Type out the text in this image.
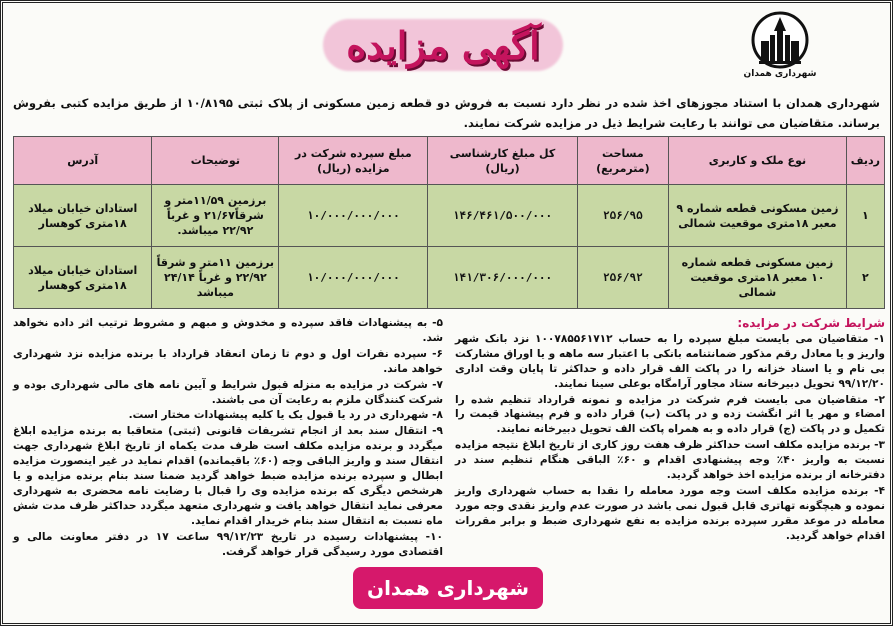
شهرداری همدان
آگهی مزایده
شهرداری همدان با استناد مجوزهای اخذ شده در نظر دارد نسبت به فروش دو قطعه زمین مسکونی از پلاک ثبتی ۱۰/۸۱۹۵ از طریق مزایده کتبی بفروش برساند. متقاضیان می توانند با رعایت شرایط ذیل در مزایده شرکت نمایند.
ردیف	نوع ملک و کاربری	مساحت (مترمربع)	کل مبلغ کارشناسی (ریال)	مبلغ سپرده شرکت در مزایده (ریال)	توضیحات	آدرس
۱	زمین مسکونی قطعه شماره ۹ معبر ۱۸متری موقعیت شمالی	۲۵۶/۹۵	۱۴۶/۴۶۱/۵۰۰/۰۰۰	۱۰/۰۰۰/۰۰۰/۰۰۰	برزمین ۱۱/۵۹متر و شرقاً۲۱/۶۷ و غرباً ۲۲/۹۲ میباشد.	استادان خیابان میلاد ۱۸متری کوهسار
۲	زمین مسکونی قطعه شماره ۱۰ معبر ۱۸متری موقعیت شمالی	۲۵۶/۹۲	۱۴۱/۳۰۶/۰۰۰/۰۰۰	۱۰/۰۰۰/۰۰۰/۰۰۰	برزمین ۱۱متر و شرقاً ۲۲/۹۲ و غرباً ۲۴/۱۴ میباشد	استادان خیابان میلاد ۱۸متری کوهسار
شرایط شرکت در مزایده:
۱- متقاضیان می بایست مبلغ سپرده را به حساب ۱۰۰۷۸۵۵۶۱۷۱۲ نزد بانک شهر واریز و یا معادل رقم مذکور ضمانتنامه بانکی با اعتبار سه ماهه و یا اوراق مشارکت بی نام و یا اسناد خزانه را در پاکت الف قرار داده و حداکثر تا پایان وقت اداری ۹۹/۱۲/۲۰ تحویل دبیرخانه ستاد مجاور آرامگاه بوعلی سینا نمایند.
۲- متقاضیان می بایست فرم شرکت در مزایده و نمونه قرارداد تنظیم شده را امضاء و مهر یا اثر انگشت زده و در پاکت (ب) قرار داده و فرم پیشنهاد قیمت را تکمیل و در پاکت (ج) قرار داده و به همراه پاکت الف تحویل دبیرخانه نمایند.
۳- برنده مزایده مکلف است حداکثر ظرف هفت روز کاری از تاریخ ابلاغ نتیجه مزایده نسبت به واریز ۴۰٪ وجه پیشنهادی اقدام و ۶۰٪ الباقی هنگام تنظیم سند در دفترخانه از برنده مزایده اخذ خواهد گردید.
۴- برنده مزایده مکلف است وجه مورد معامله را نقدا به حساب شهرداری واریز نموده و هیچگونه تهاتری قابل قبول نمی باشد در صورت عدم واریز نقدی وجه مورد معامله در موعد مقرر سپرده برنده مزایده به نفع شهرداری ضبط و برابر مقررات اقدام خواهد گردید.
۵- به پیشنهادات فاقد سپرده و مخدوش و مبهم و مشروط ترتیب اثر داده نخواهد شد.
۶- سپرده نفرات اول و دوم تا زمان انعقاد قرارداد با برنده مزایده نزد شهرداری خواهد ماند.
۷- شرکت در مزایده به منزله قبول شرایط و آیین نامه های مالی شهرداری بوده و شرکت کنندگان ملزم به رعایت آن می باشند.
۸- شهرداری در رد یا قبول یک یا کلیه پیشنهادات مختار است.
۹- انتقال سند بعد از انجام تشریفات قانونی (ثبتی) متعاقبا به برنده مزایده ابلاغ میگردد و برنده مزایده مکلف است ظرف مدت یکماه از تاریخ ابلاغ شهرداری جهت انتقال سند و واریز الباقی وجه (۶۰٪ باقیمانده) اقدام نماید در غیر اینصورت مزایده ابطال و سپرده برنده مزایده ضبط خواهد گردید ضمنا سند بنام برنده مزایده و یا هرشخص دیگری که برنده مزایده وی را قبال با رضایت نامه محضری به شهرداری معرفی نماید انتقال خواهد یافت و شهرداری متعهد میگردد حداکثر ظرف مدت شش ماه نسبت به انتقال سند بنام خریدار اقدام نماید.
۱۰- پیشنهادات رسیده در تاریخ ۹۹/۱۲/۲۳ ساعت ۱۷ در دفتر معاونت مالی و اقتصادی مورد رسیدگی قرار خواهد گرفت.
شهرداری همدان
